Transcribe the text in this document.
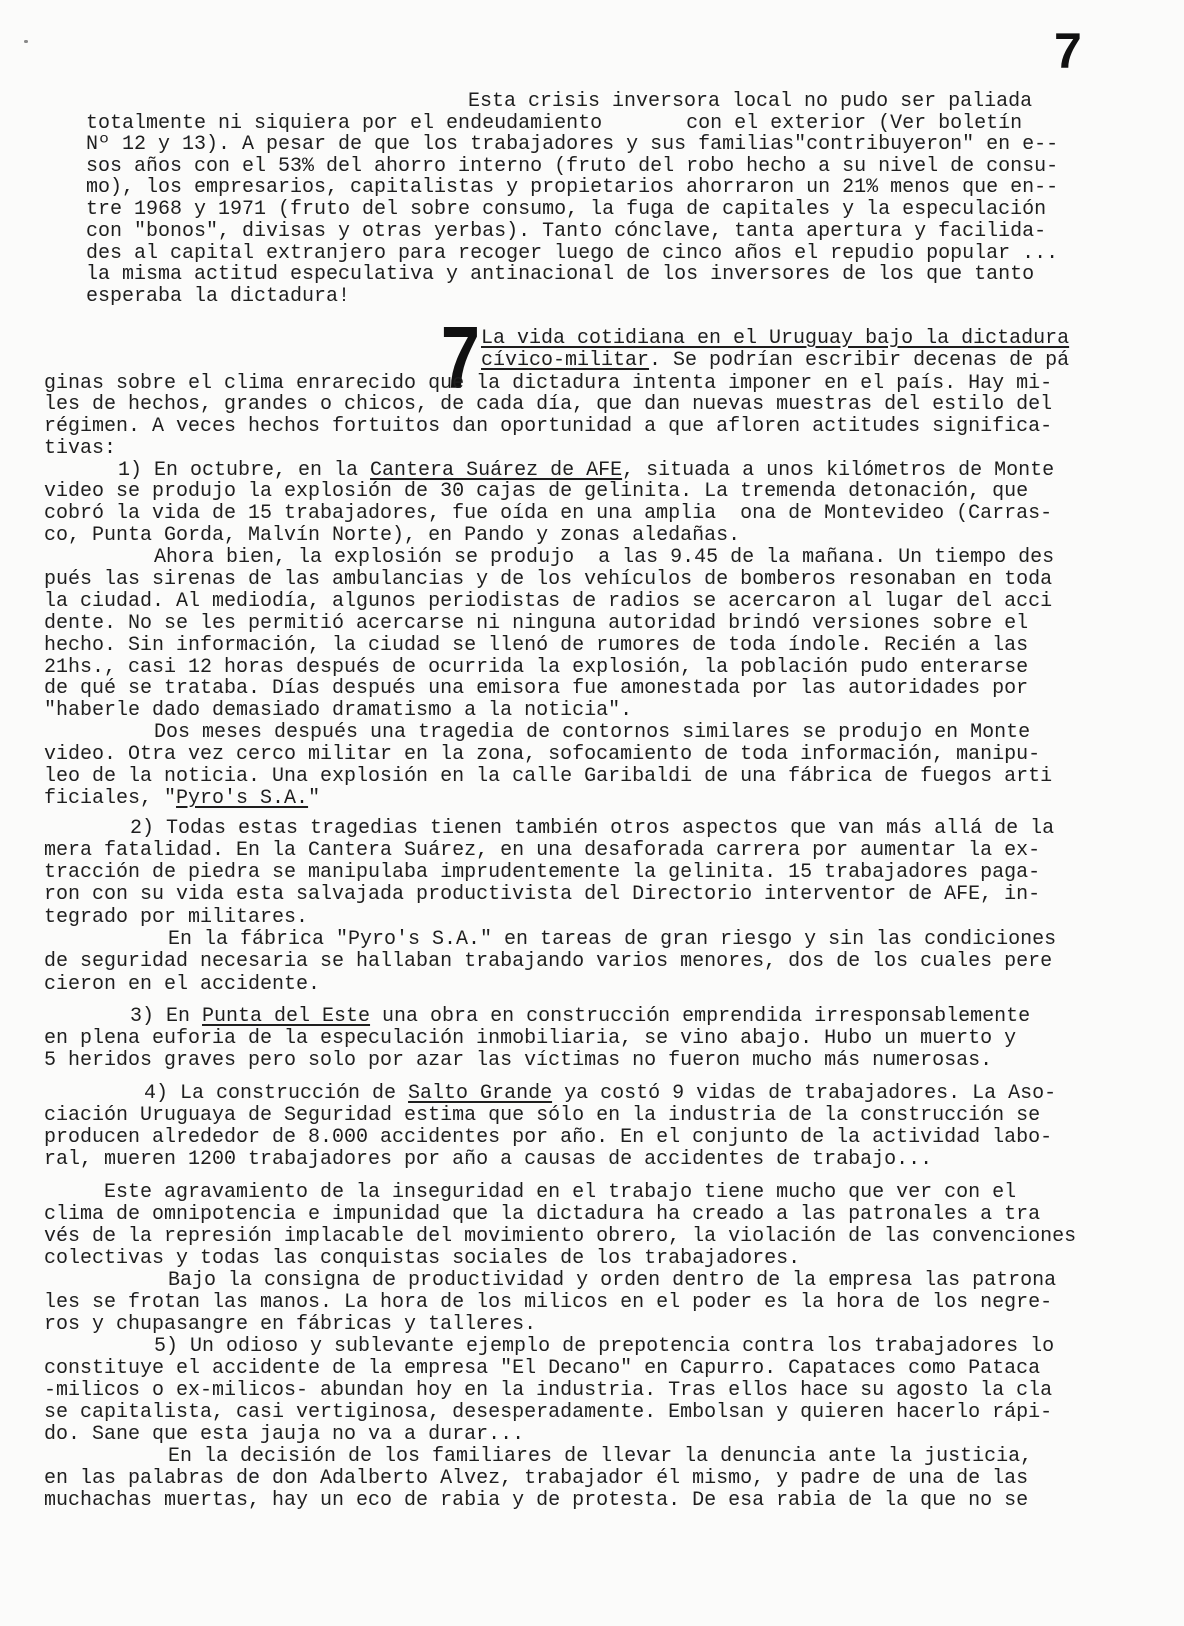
7
7
Esta crisis inversora local no pudo ser paliada
totalmente ni siquiera por el endeudamiento       con el exterior (Ver boletín
Nº 12 y 13). A pesar de que los trabajadores y sus familias"contribuyeron" en e--
sos años con el 53% del ahorro interno (fruto del robo hecho a su nivel de consu-
mo), los empresarios, capitalistas y propietarios ahorraron un 21% menos que en--
tre 1968 y 1971 (fruto del sobre consumo, la fuga de capitales y la especulación
con "bonos", divisas y otras yerbas). Tanto cónclave, tanta apertura y facilida-
des al capital extranjero para recoger luego de cinco años el repudio popular ...
la misma actitud especulativa y antinacional de los inversores de los que tanto
esperaba la dictadura!
La vida cotidiana en el Uruguay bajo la dictadura
cívico-militar. Se podrían escribir decenas de pá
ginas sobre el clima enrarecido que la dictadura intenta imponer en el país. Hay mi-
les de hechos, grandes o chicos, de cada día, que dan nuevas muestras del estilo del
régimen. A veces hechos fortuitos dan oportunidad a que afloren actitudes significa-
tivas:
1) En octubre, en la Cantera Suárez de AFE, situada a unos kilómetros de Monte
video se produjo la explosión de 30 cajas de gelinita. La tremenda detonación, que
cobró la vida de 15 trabajadores, fue oída en una amplia  ona de Montevideo (Carras-
co, Punta Gorda, Malvín Norte), en Pando y zonas aledañas.
Ahora bien, la explosión se produjo  a las 9.45 de la mañana. Un tiempo des
pués las sirenas de las ambulancias y de los vehículos de bomberos resonaban en toda
la ciudad. Al mediodía, algunos periodistas de radios se acercaron al lugar del acci
dente. No se les permitió acercarse ni ninguna autoridad brindó versiones sobre el
hecho. Sin información, la ciudad se llenó de rumores de toda índole. Recién a las
21hs., casi 12 horas después de ocurrida la explosión, la población pudo enterarse
de qué se trataba. Días después una emisora fue amonestada por las autoridades por
"haberle dado demasiado dramatismo a la noticia".
Dos meses después una tragedia de contornos similares se produjo en Monte
video. Otra vez cerco militar en la zona, sofocamiento de toda información, manipu-
leo de la noticia. Una explosión en la calle Garibaldi de una fábrica de fuegos arti
ficiales, "Pyro's S.A."
2) Todas estas tragedias tienen también otros aspectos que van más allá de la
mera fatalidad. En la Cantera Suárez, en una desaforada carrera por aumentar la ex-
tracción de piedra se manipulaba imprudentemente la gelinita. 15 trabajadores paga-
ron con su vida esta salvajada productivista del Directorio interventor de AFE, in-
tegrado por militares.
En la fábrica "Pyro's S.A." en tareas de gran riesgo y sin las condiciones
de seguridad necesaria se hallaban trabajando varios menores, dos de los cuales pere
cieron en el accidente.
3) En Punta del Este una obra en construcción emprendida irresponsablemente
en plena euforia de la especulación inmobiliaria, se vino abajo. Hubo un muerto y
5 heridos graves pero solo por azar las víctimas no fueron mucho más numerosas.
4) La construcción de Salto Grande ya costó 9 vidas de trabajadores. La Aso-
ciación Uruguaya de Seguridad estima que sólo en la industria de la construcción se
producen alrededor de 8.000 accidentes por año. En el conjunto de la actividad labo-
ral, mueren 1200 trabajadores por año a causas de accidentes de trabajo...
Este agravamiento de la inseguridad en el trabajo tiene mucho que ver con el
clima de omnipotencia e impunidad que la dictadura ha creado a las patronales a tra
vés de la represión implacable del movimiento obrero, la violación de las convenciones
colectivas y todas las conquistas sociales de los trabajadores.
Bajo la consigna de productividad y orden dentro de la empresa las patrona
les se frotan las manos. La hora de los milicos en el poder es la hora de los negre-
ros y chupasangre en fábricas y talleres.
5) Un odioso y sublevante ejemplo de prepotencia contra los trabajadores lo
constituye el accidente de la empresa "El Decano" en Capurro. Capataces como Pataca
-milicos o ex-milicos- abundan hoy en la industria. Tras ellos hace su agosto la cla
se capitalista, casi vertiginosa, desesperadamente. Embolsan y quieren hacerlo rápi-
do. Sane que esta jauja no va a durar...
En la decisión de los familiares de llevar la denuncia ante la justicia,
en las palabras de don Adalberto Alvez, trabajador él mismo, y padre de una de las
muchachas muertas, hay un eco de rabia y de protesta. De esa rabia de la que no se
